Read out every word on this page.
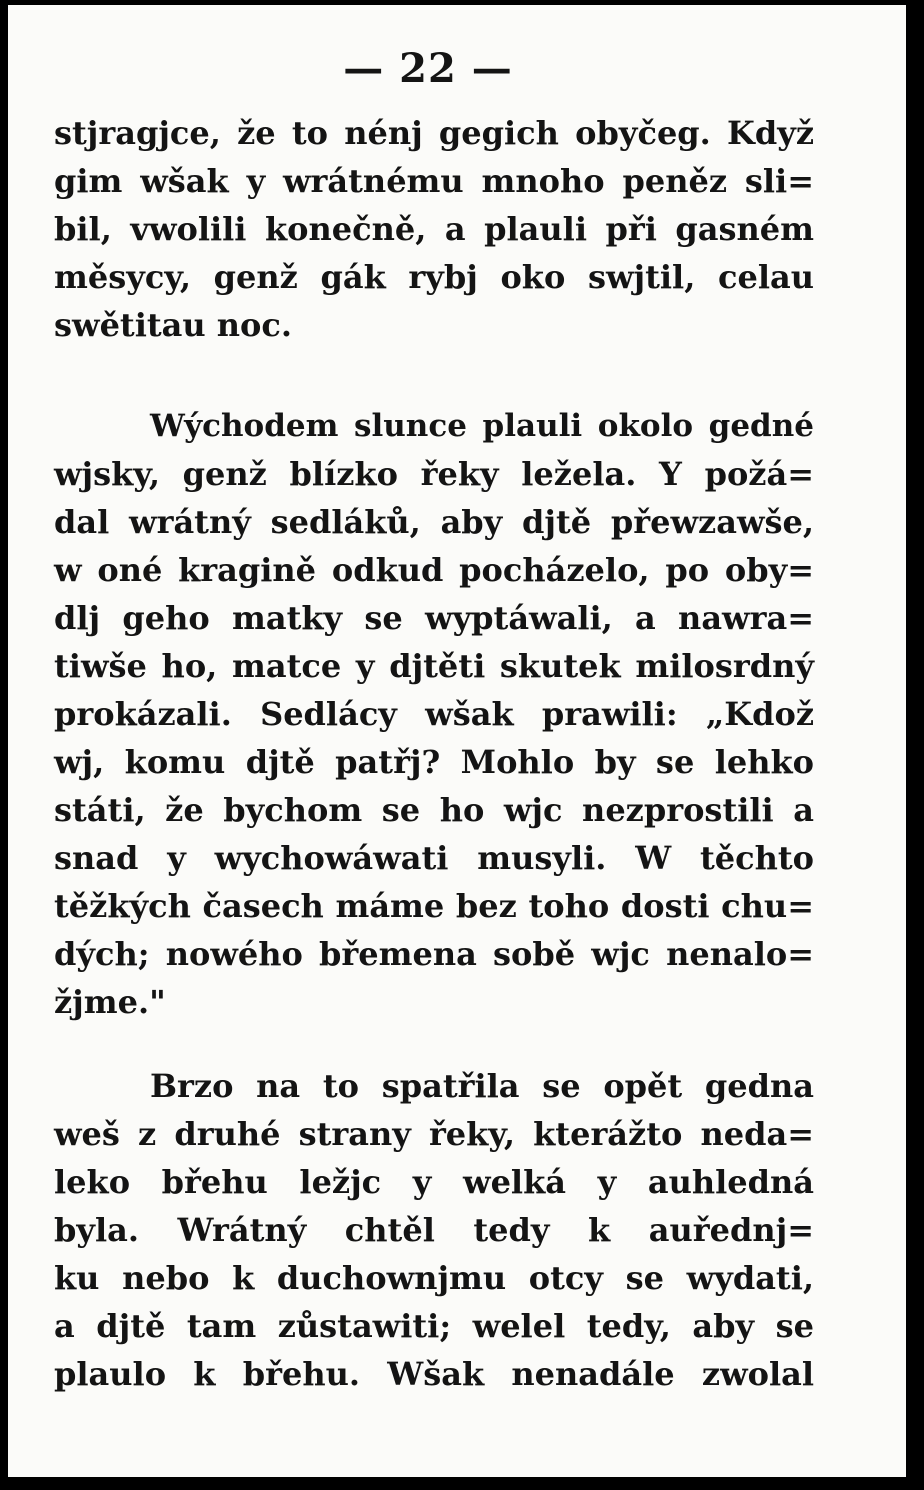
— 22 —
stjragjce, že to nénj gegich obyčeg. Když
gim wšak y wrátnému mnoho peněz sli=
bil, vwolili konečně, a plauli při gasném
měsycy, genž gák rybj oko swjtil, celau
swětitau noc.
Wýchodem slunce plauli okolo gedné
wjsky, genž blízko řeky ležela. Y požá=
dal wrátný sedláků, aby djtě přewzawše,
w oné kragině odkud pocházelo, po oby=
dlj geho matky se wyptáwali, a nawra=
tiwše ho, matce y djtěti skutek milosrdný
prokázali. Sedlácy wšak prawili: „Kdož
wj, komu djtě patřj? Mohlo by se lehko
státi, že bychom se ho wjc nezprostili a
snad y wychowáwati musyli. W těchto
těžkých časech máme bez toho dosti chu=
dých; nowého břemena sobě wjc nenalo=
žjme."
Brzo na to spatřila se opět gedna
weš z druhé strany řeky, kterážto neda=
leko břehu ležjc y welká y auhledná
byla. Wrátný chtěl tedy k auřednj=
ku nebo k duchownjmu otcy se wydati,
a djtě tam zůstawiti; welel tedy, aby se
plaulo k břehu. Wšak nenadále zwolal
